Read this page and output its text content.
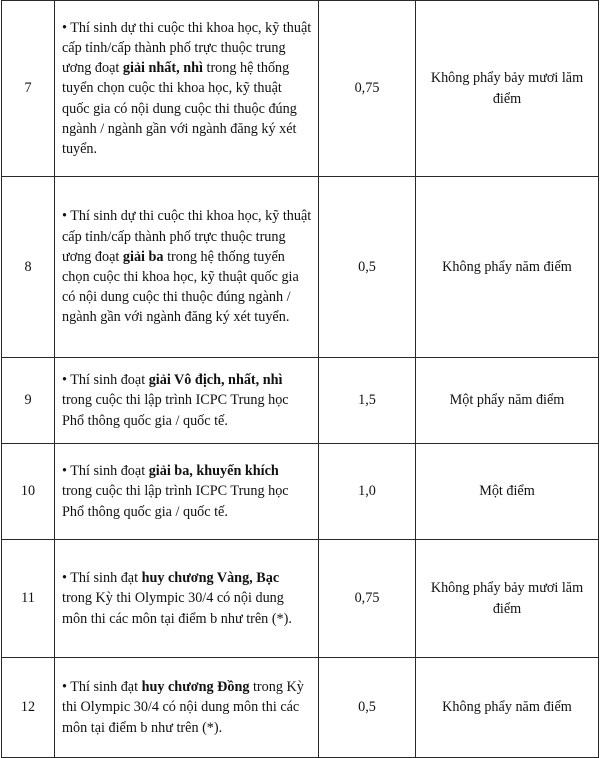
7	• Thí sinh dự thi cuộc thi khoa học, kỹ thuật cấp tỉnh/cấp thành phố trực thuộc trung ương đoạt giải nhất, nhì trong hệ thống tuyển chọn cuộc thi khoa học, kỹ thuật quốc gia có nội dung cuộc thi thuộc đúng ngành / ngành gần với ngành đăng ký xét tuyển.	0,75	Không phẩy bảy mươi lăm điểm
8	• Thí sinh dự thi cuộc thi khoa học, kỹ thuật cấp tỉnh/cấp thành phố trực thuộc trung ương đoạt giải ba trong hệ thống tuyển chọn cuộc thi khoa học, kỹ thuật quốc gia có nội dung cuộc thi thuộc đúng ngành / ngành gần với ngành đăng ký xét tuyển.	0,5	Không phẩy năm điểm
9	• Thí sinh đoạt giải Vô địch, nhất, nhì trong cuộc thi lập trình ICPC Trung học Phổ thông quốc gia / quốc tế.	1,5	Một phẩy năm điểm
10	• Thí sinh đoạt giải ba, khuyến khích trong cuộc thi lập trình ICPC Trung học Phổ thông quốc gia / quốc tế.	1,0	Một điểm
11	• Thí sinh đạt huy chương Vàng, Bạc trong Kỳ thi Olympic 30/4 có nội dung môn thi các môn tại điểm b như trên (*).	0,75	Không phẩy bảy mươi lăm điểm
12	• Thí sinh đạt huy chương Đồng trong Kỳ thi Olympic 30/4 có nội dung môn thi các môn tại điểm b như trên (*).	0,5	Không phẩy năm điểm
